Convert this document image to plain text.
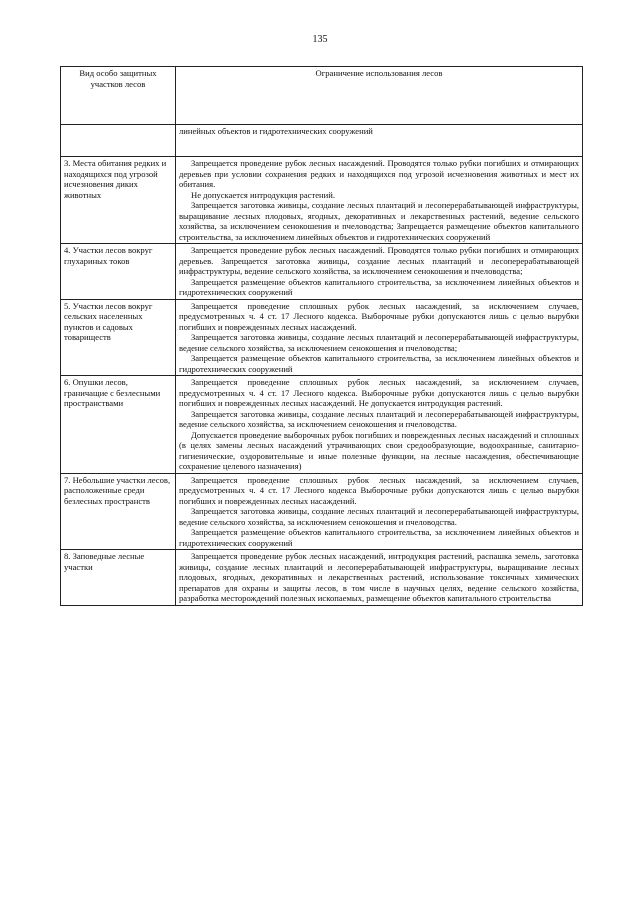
135
Вид особо защитных участков лесов	Ограничение использования лесов
	линейных объектов и гидротехнических сооружений
3. Места обитания редких и находящихся под угрозой исчезновения диких животных	Запрещается проведение рубок лесных насаждений. Проводятся только рубки погибших и отмирающих деревьев при условии сохранения редких и находящихся под угрозой исчезновения животных и мест их обитания.

Не допускается интродукция растений.

Запрещается заготовка живицы, создание лесных плантаций и лесоперерабатывающей инфраструктуры, выращивание лесных плодовых, ягодных, декоративных и лекарственных растений, ведение сельского хозяйства, за исключением сенокошения и пчеловодства; Запрещается размещение объектов капитального строительства, за исключением линейных объектов и гидротехнических сооружений

4. Участки лесов вокруг глухариных токов	Запрещается проведение рубок лесных насаждений. Проводятся только рубки погибших и отмирающих деревьев. Запрещается заготовка живицы, создание лесных плантаций и лесоперерабатывающей инфраструктуры, ведение сельского хозяйства, за исключением сенокошения и пчеловодства;

Запрещается размещение объектов капитального строительства, за исключением линейных объектов и гидротехнических сооружений

5. Участки лесов вокруг сельских населенных пунктов и садовых товариществ	Запрещается проведение сплошных рубок лесных насаждений, за исключением случаев, предусмотренных ч. 4 ст. 17 Лесного кодекса. Выборочные рубки допускаются лишь с целью вырубки погибших и поврежденных лесных насаждений.

Запрещается заготовка живицы, создание лесных плантаций и лесоперерабатывающей инфраструктуры, ведение сельского хозяйства, за исключением сенокошения и пчеловодства;

Запрещается размещение объектов капитального строительства, за исключением линейных объектов и гидротехнических сооружений

6. Опушки лесов, граничащие с безлесными пространствами	Запрещается проведение сплошных рубок лесных насаждений, за исключением случаев, предусмотренных ч. 4 ст. 17 Лесного кодекса. Выборочные рубки допускаются лишь с целью вырубки погибших и поврежденных лесных насаждений. Не допускается интродукция растений.

Запрещается заготовка живицы, создание лесных плантаций и лесоперерабатывающей инфраструктуры, ведение сельского хозяйства, за исключением сенокошения и пчеловодства.

Допускается проведение выборочных рубок погибших и поврежденных лесных насаждений и сплошных (в целях замены лесных насаждений утрачивающих свои средообразующие, водоохранные, санитарно-гигиенические, оздоровительные и иные полезные функции, на лесные насаждения, обеспечивающие сохранение целевого назначения)

7. Небольшие участки лесов, расположенные среди безлесных пространств	Запрещается проведение сплошных рубок лесных насаждений, за исключением случаев, предусмотренных ч. 4 ст. 17 Лесного кодекса Выборочные рубки допускаются лишь с целью вырубки погибших и поврежденных лесных насаждений.

Запрещается заготовка живицы, создание лесных плантаций и лесоперерабатывающей инфраструктуры, ведение сельского хозяйства, за исключением сенокошения и пчеловодства.

Запрещается размещение объектов капитального строительства, за исключением линейных объектов и гидротехнических сооружений

8. Заповедные лесные участки	Запрещается проведение рубок лесных насаждений, интродукция растений, распашка земель, заготовка живицы, создание лесных плантаций и лесоперерабатывающей инфраструктуры, выращивание лесных плодовых, ягодных, декоративных и лекарственных растений, использование токсичных химических препаратов для охраны и защиты лесов, в том числе в научных целях, ведение сельского хозяйства, разработка месторождений полезных ископаемых, размещение объектов капитального строительства
